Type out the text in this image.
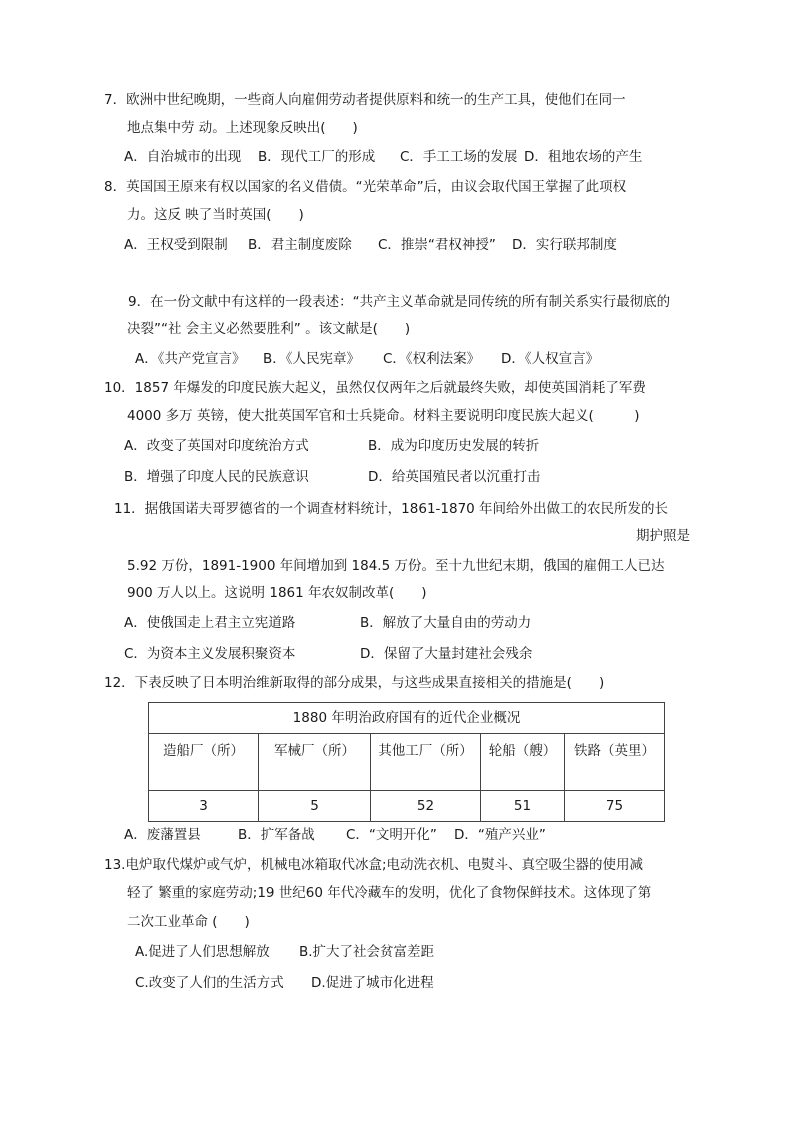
7．欧洲中世纪晚期，一些商人向雇佣劳动者提供原料和统一的生产工具，使他们在同一
地点集中劳 动。上述现象反映出(　　)
A．自治城市的出现 B．现代工厂的形成 C．手工工场的发展 D．租地农场的产生
8．英国国王原来有权以国家的名义借债。“光荣革命”后，由议会取代国王掌握了此项权
力。这反 映了当时英国(　　)
A．王权受到限制 B．君主制度废除 C．推崇“君权神授” D．实行联邦制度
9．在一份文献中有这样的一段表述：“共产主义革命就是同传统的所有制关系实行最彻底的
决裂”“社 会主义必然要胜利” 。该文献是(　　)
A．《共产党宣言》 B．《人民宪章》 C．《权利法案》 D．《人权宣言》
10．1857 年爆发的印度民族大起义，虽然仅仅两年之后就最终失败，却使英国消耗了军费
4000 多万 英镑，使大批英国军官和士兵毙命。材料主要说明印度民族大起义(　　　)
A．改变了英国对印度统治方式	B．成为印度历史发展的转折
B．增强了印度人民的民族意识	D．给英国殖民者以沉重打击
11．据俄国诺夫哥罗德省的一个调查材料统计，1861-1870 年间给外出做工的农民所发的长
期护照是
5.92 万份，1891-1900 年间增加到 184.5 万份。至十九世纪末期，俄国的雇佣工人已达
900 万人以上。这说明 1861 年农奴制改革(　　)
A．使俄国走上君主立宪道路	B．解放了大量自由的劳动力
C．为资本主义发展积聚资本	D．保留了大量封建社会残余
12．下表反映了日本明治维新取得的部分成果，与这些成果直接相关的措施是(　　)
1880 年明治政府国有的近代企业概况				
造船厂（所）	军械厂（所）	其他工厂（所）	轮船（艘）	铁路（英里）
3	5	52	51	75
A．废藩置县	B．扩军备战 C．“文明开化” D．“殖产兴业”
13.电炉取代煤炉或气炉，机械电冰箱取代冰盒;电动洗衣机、电熨斗、真空吸尘器的使用减
轻了 繁重的家庭劳动;19 世纪60 年代冷藏车的发明，优化了食物保鲜技术。这体现了第
二次工业革命 (　　)
A.促进了人们思想解放 B.扩大了社会贫富差距
C.改变了人们的生活方式 D.促进了城市化进程
